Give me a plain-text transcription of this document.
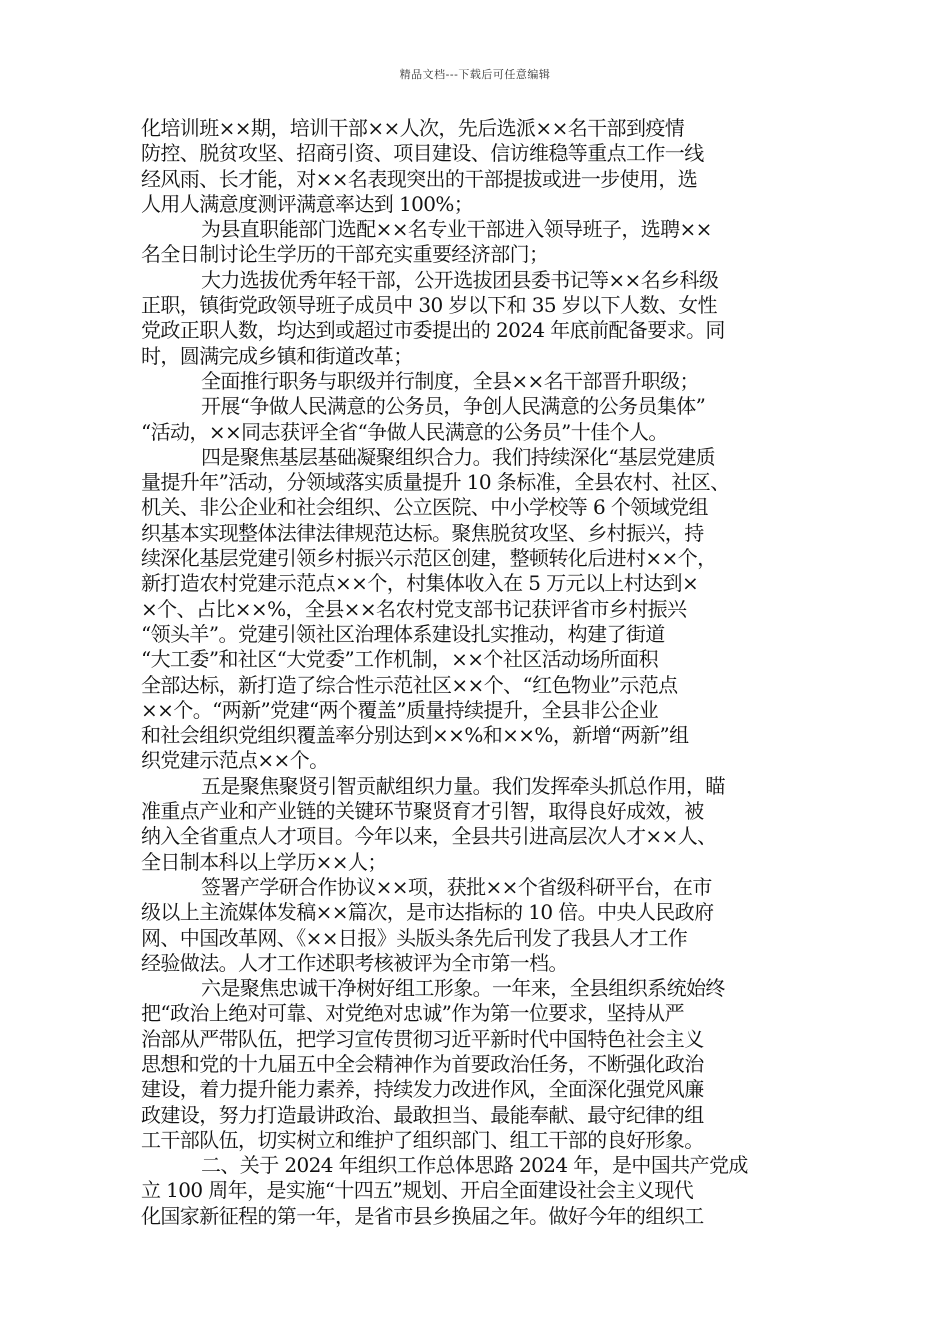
精品文档---下载后可任意编辑
化培训班××期，培训干部××人次，先后选派××名干部到疫情
防控、脱贫攻坚、招商引资、项目建设、信访维稳等重点工作一线
经风雨、长才能，对××名表现突出的干部提拔或进一步使用，选
人用人满意度测评满意率达到 100%；
为县直职能部门选配××名专业干部进入领导班子，选聘××
名全日制讨论生学历的干部充实重要经济部门；
大力选拔优秀年轻干部，公开选拔团县委书记等××名乡科级
正职，镇街党政领导班子成员中 30 岁以下和 35 岁以下人数、女性
党政正职人数，均达到或超过市委提出的 2024 年底前配备要求。同
时，圆满完成乡镇和街道改革；
全面推行职务与职级并行制度，全县××名干部晋升职级；
开展“争做人民满意的公务员，争创人民满意的公务员集体”
“活动，××同志获评全省“争做人民满意的公务员”十佳个人。
四是聚焦基层基础凝聚组织合力。我们持续深化“基层党建质
量提升年”活动，分领域落实质量提升 10 条标准，全县农村、社区、
机关、非公企业和社会组织、公立医院、中小学校等 6 个领域党组
织基本实现整体法律法律规范达标。聚焦脱贫攻坚、乡村振兴，持
续深化基层党建引领乡村振兴示范区创建，整顿转化后进村××个，
新打造农村党建示范点××个，村集体收入在 5 万元以上村达到×
×个、占比××%，全县××名农村党支部书记获评省市乡村振兴
“领头羊”。党建引领社区治理体系建设扎实推动，构建了街道
“大工委”和社区“大党委”工作机制，××个社区活动场所面积
全部达标，新打造了综合性示范社区××个、“红色物业”示范点
××个。“两新”党建“两个覆盖”质量持续提升，全县非公企业
和社会组织党组织覆盖率分别达到××%和××%，新增“两新”组
织党建示范点××个。
五是聚焦聚贤引智贡献组织力量。我们发挥牵头抓总作用，瞄
准重点产业和产业链的关键环节聚贤育才引智，取得良好成效，被
纳入全省重点人才项目。今年以来，全县共引进高层次人才××人、
全日制本科以上学历××人；
签署产学研合作协议××项，获批××个省级科研平台，在市
级以上主流媒体发稿××篇次，是市达指标的 10 倍。中央人民政府
网、中国改革网、《××日报》头版头条先后刊发了我县人才工作
经验做法。人才工作述职考核被评为全市第一档。
六是聚焦忠诚干净树好组工形象。一年来，全县组织系统始终
把“政治上绝对可靠、对党绝对忠诚”作为第一位要求，坚持从严
治部从严带队伍，把学习宣传贯彻习近平新时代中国特色社会主义
思想和党的十九届五中全会精神作为首要政治任务，不断强化政治
建设，着力提升能力素养，持续发力改进作风，全面深化强党风廉
政建设，努力打造最讲政治、最敢担当、最能奉献、最守纪律的组
工干部队伍，切实树立和维护了组织部门、组工干部的良好形象。
二、关于 2024 年组织工作总体思路 2024 年，是中国共产党成
立 100 周年，是实施“十四五”规划、开启全面建设社会主义现代
化国家新征程的第一年，是省市县乡换届之年。做好今年的组织工
